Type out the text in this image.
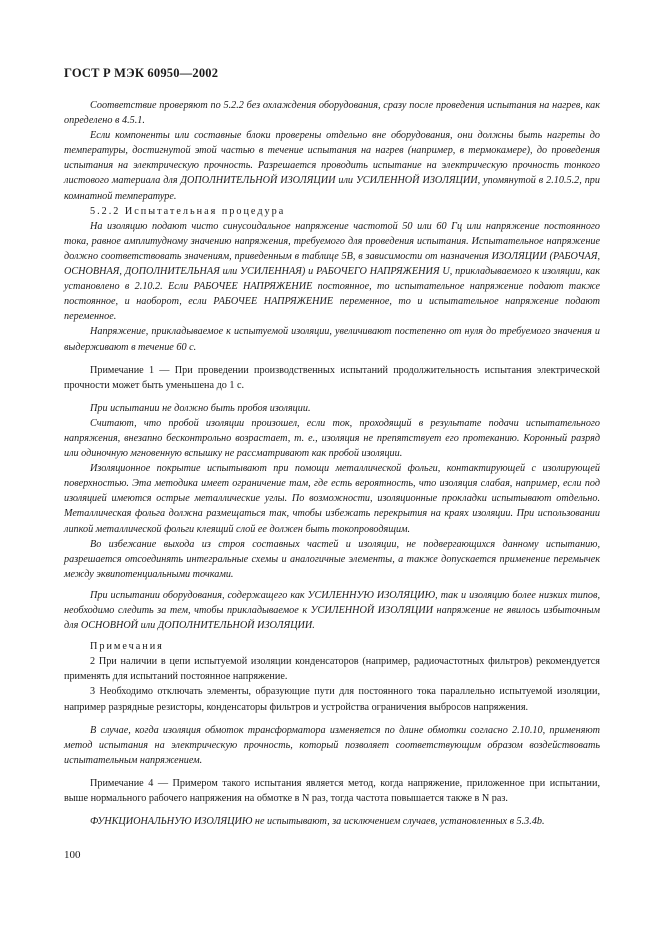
ГОСТ Р МЭК 60950—2002

Соответствие проверяют по 5.2.2 без охлаждения оборудования, сразу после проведения испытания на нагрев, как определено в 4.5.1.

Если компоненты или составные блоки проверены отдельно вне оборудования, они должны быть нагреты до температуры, достигнутой этой частью в течение испытания на нагрев (например, в термокамере), до проведения испытания на электрическую прочность. Разрешается проводить испытание на электрическую прочность тонкого листового материала для ДОПОЛНИТЕЛЬНОЙ ИЗОЛЯЦИИ или УСИЛЕННОЙ ИЗОЛЯЦИИ, упомянутой в 2.10.5.2, при комнатной температуре.

5.2.2 Испытательная процедура

На изоляцию подают чисто синусоидальное напряжение частотой 50 или 60 Гц или напряжение постоянного тока, равное амплитудному значению напряжения, требуемого для проведения испытания. Испытательное напряжение должно соответствовать значениям, приведенным в таблице 5В, в зависимости от назначения ИЗОЛЯЦИИ (РАБОЧАЯ, ОСНОВНАЯ, ДОПОЛНИТЕЛЬНАЯ или УСИЛЕННАЯ) и РАБОЧЕГО НАПРЯЖЕНИЯ U, прикладываемого к изоляции, как установлено в 2.10.2. Если РАБОЧЕЕ НАПРЯЖЕНИЕ постоянное, то испытательное напряжение подают также постоянное, и наоборот, если РАБОЧЕЕ НАПРЯЖЕНИЕ переменное, то и испытательное напряжение подают переменное.

Напряжение, прикладываемое к испытуемой изоляции, увеличивают постепенно от нуля до требуемого значения и выдерживают в течение 60 с.

Примечание 1 — При проведении производственных испытаний продолжительность испытания электрической прочности может быть уменьшена до 1 с.

При испытании не должно быть пробоя изоляции.

Считают, что пробой изоляции произошел, если ток, проходящий в результате подачи испытательного напряжения, внезапно бесконтрольно возрастает, т. е., изоляция не препятствует его протеканию. Коронный разряд или одиночную мгновенную вспышку не рассматривают как пробой изоляции.

Изоляционное покрытие испытывают при помощи металлической фольги, контактирующей с изолирующей поверхностью. Эта методика имеет ограничение там, где есть вероятность, что изоляция слабая, например, если под изоляцией имеются острые металлические углы. По возможности, изоляционные прокладки испытывают отдельно. Металлическая фольга должна размещаться так, чтобы избежать перекрытия на краях изоляции. При использовании липкой металлической фольги клеящий слой ее должен быть токопроводящим.

Во избежание выхода из строя составных частей и изоляции, не подвергающихся данному испытанию, разрешается отсоединять интегральные схемы и аналогичные элементы, а также допускается применение перемычек между эквипотенциальными точками.

При испытании оборудования, содержащего как УСИЛЕННУЮ ИЗОЛЯЦИЮ, так и изоляцию более низких типов, необходимо следить за тем, чтобы прикладываемое к УСИЛЕННОЙ ИЗОЛЯЦИИ напряжение не явилось избыточным для ОСНОВНОЙ или ДОПОЛНИТЕЛЬНОЙ ИЗОЛЯЦИИ.

Примечания

2 При наличии в цепи испытуемой изоляции конденсаторов (например, радиочастотных фильтров) рекомендуется применять для испытаний постоянное напряжение.

3 Необходимо отключать элементы, образующие пути для постоянного тока параллельно испытуемой изоляции, например разрядные резисторы, конденсаторы фильтров и устройства ограничения выбросов напряжения.

В случае, когда изоляция обмоток трансформатора изменяется по длине обмотки согласно 2.10.10, применяют метод испытания на электрическую прочность, который позволяет соответствующим образом воздействовать испытательным напряжением.

Примечание 4 — Примером такого испытания является метод, когда напряжение, приложенное при испытании, выше нормального рабочего напряжения на обмотке в N раз, тогда частота повышается также в N раз.

ФУНКЦИОНАЛЬНУЮ ИЗОЛЯЦИЮ не испытывают, за исключением случаев, установленных в 5.3.4b.

100
